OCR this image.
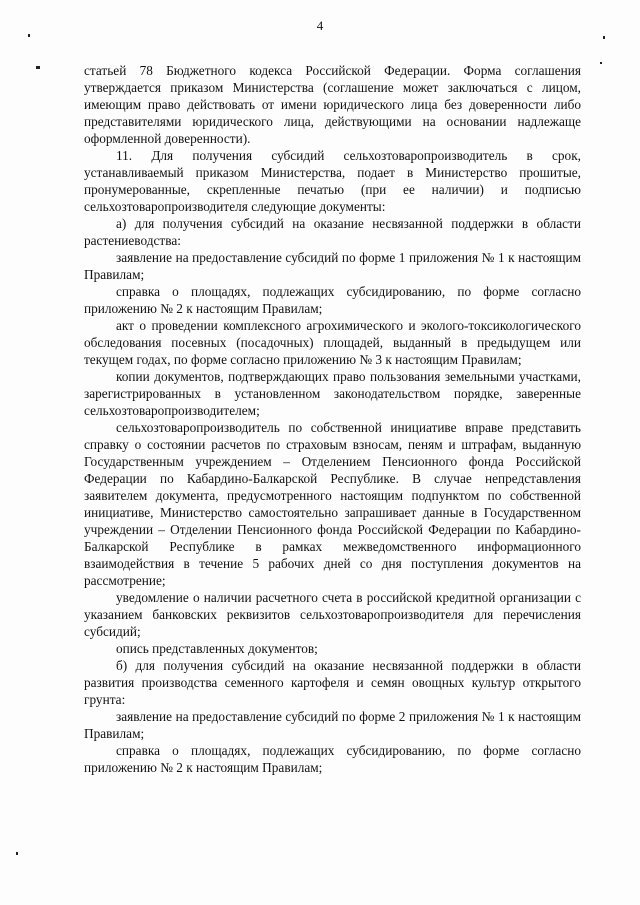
4

статьей 78 Бюджетного кодекса Российской Федерации. Форма соглашения утверждается приказом Министерства (соглашение может заключаться с лицом, имеющим право действовать от имени юридического лица без доверенности либо представителями юридического лица, действующими на основании надлежаще оформленной доверенности).

11. Для получения субсидий сельхозтоваропроизводитель в срок, устанавливаемый приказом Министерства, подает в Министерство прошитые, пронумерованные, скрепленные печатью (при ее наличии) и подписью сельхозтоваропроизводителя следующие документы:

а) для получения субсидий на оказание несвязанной поддержки в области растениеводства:

заявление на предоставление субсидий по форме 1 приложения № 1 к настоящим Правилам;

справка о площадях, подлежащих субсидированию, по форме согласно приложению № 2 к настоящим Правилам;

акт о проведении комплексного агрохимического и эколого-токсикологического обследования посевных (посадочных) площадей, выданный в предыдущем или текущем годах, по форме согласно приложению № 3 к настоящим Правилам;

копии документов, подтверждающих право пользования земельными участками, зарегистрированных в установленном законодательством порядке, заверенные сельхозтоваропроизводителем;

сельхозтоваропроизводитель по собственной инициативе вправе представить справку о состоянии расчетов по страховым взносам, пеням и штрафам, выданную Государственным учреждением – Отделением Пенсионного фонда Российской Федерации по Кабардино-Балкарской Республике. В случае непредставления заявителем документа, предусмотренного настоящим подпунктом по собственной инициативе, Министерство самостоятельно запрашивает данные в Государственном учреждении – Отделении Пенсионного фонда Российской Федерации по Кабардино-Балкарской Республике в рамках межведомственного информационного взаимодействия в течение 5 рабочих дней со дня поступления документов на рассмотрение;

уведомление о наличии расчетного счета в российской кредитной организации с указанием банковских реквизитов сельхозтоваропроизводителя для перечисления субсидий;

опись представленных документов;

б) для получения субсидий на оказание несвязанной поддержки в области развития производства семенного картофеля и семян овощных культур открытого грунта:

заявление на предоставление субсидий по форме 2 приложения № 1 к настоящим Правилам;

справка о площадях, подлежащих субсидированию, по форме согласно приложению № 2 к настоящим Правилам;
